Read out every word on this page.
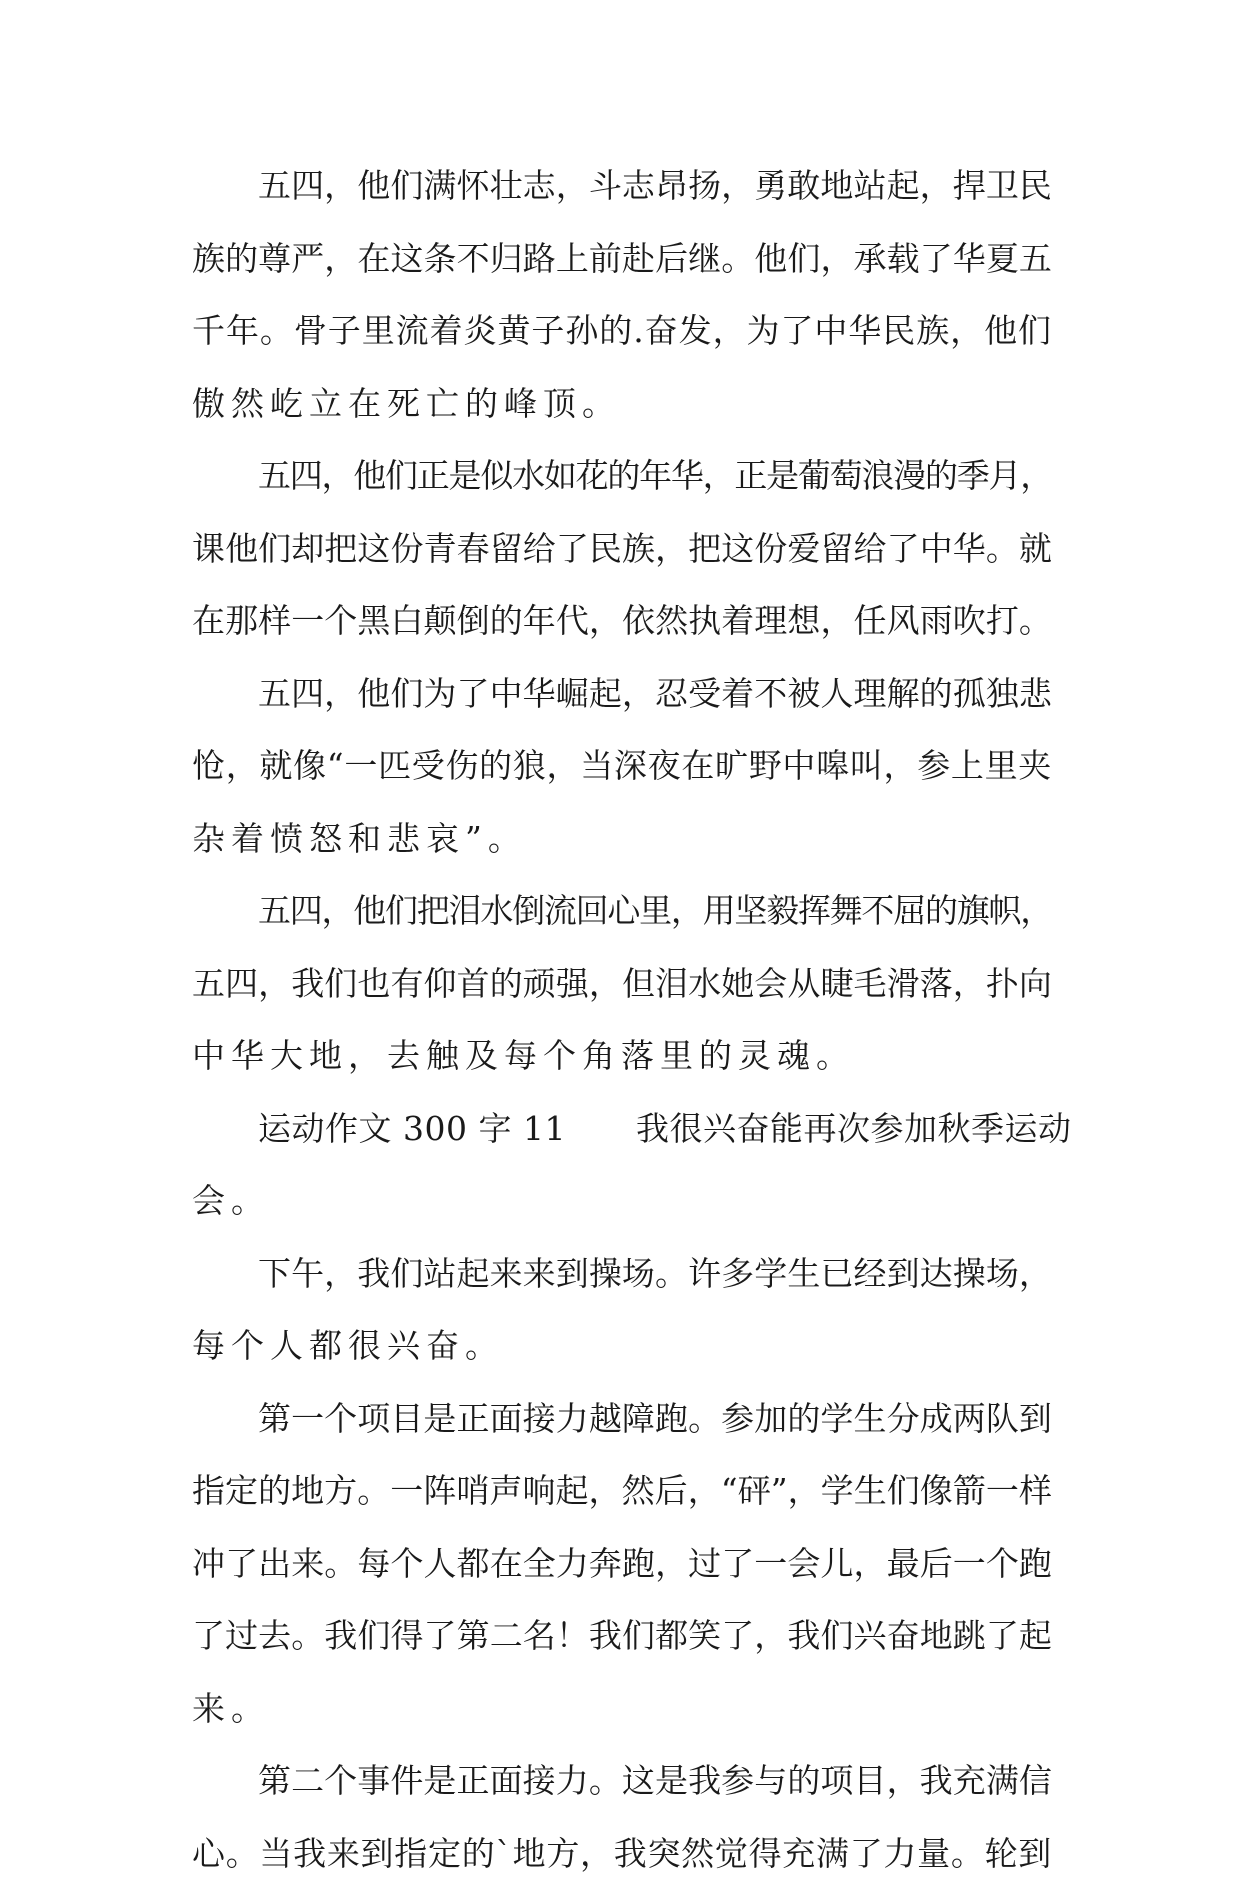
五四，他们满怀壮志，斗志昂扬，勇敢地站起，捍卫民
族的尊严，在这条不归路上前赴后继。他们，承载了华夏五
千年。骨子里流着炎黄子孙的.奋发，为了中华民族，他们
傲然屹立在死亡的峰顶。
五四，他们正是似水如花的年华，正是葡萄浪漫的季月，
课他们却把这份青春留给了民族，把这份爱留给了中华。就
在那样一个黑白颠倒的年代，依然执着理想，任风雨吹打。
五四，他们为了中华崛起，忍受着不被人理解的孤独悲
怆，就像“一匹受伤的狼，当深夜在旷野中嗥叫，参上里夹
杂着愤怒和悲哀”。
五四，他们把泪水倒流回心里，用坚毅挥舞不屈的旗帜，
五四，我们也有仰首的顽强，但泪水她会从睫毛滑落，扑向
中华大地，去触及每个角落里的灵魂。
运动作文 300 字 11 我很兴奋能再次参加秋季运动
会。
下午，我们站起来来到操场。许多学生已经到达操场，
每个人都很兴奋。
第一个项目是正面接力越障跑。参加的学生分成两队到
指定的地方。一阵哨声响起，然后，“砰”，学生们像箭一样
冲了出来。每个人都在全力奔跑，过了一会儿，最后一个跑
了过去。我们得了第二名！我们都笑了，我们兴奋地跳了起
来。
第二个事件是正面接力。这是我参与的项目，我充满信
心。当我来到指定的`地方，我突然觉得充满了力量。轮到
